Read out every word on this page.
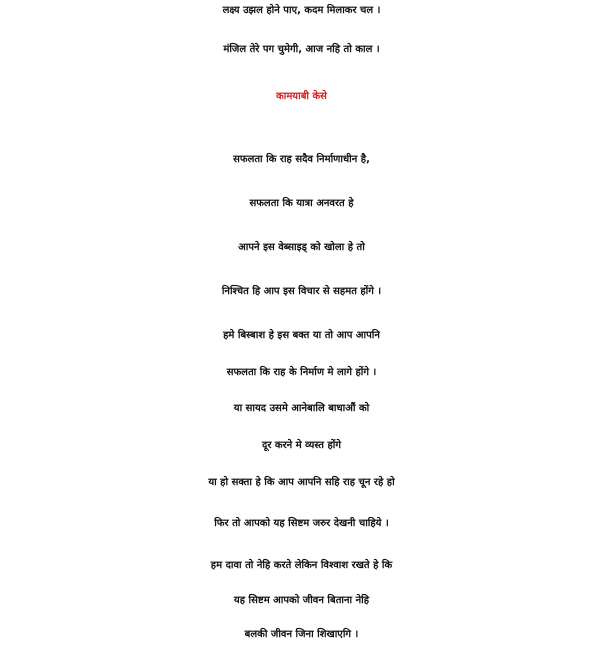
लक्ष्य उझल होने पाए, कदम मिलाकर चल ।
मंजिल तेरे पग चुमेगी, आज नहि तो काल ।
कामयाबी केसे
सफलता कि राह सदैव निर्माणाधीन है,
सफलता कि यात्रा अनवरत हे
आपने इस वेब्साइड् को खोला हे तो
निश्चित हि आप इस विचार से सहमत होंगे ।
हमे बिस्बाश हे इस बक्त या तो आप आपनि
सफलता कि राह के निर्माण मे लागे होंगे ।
या सायद उसमे आनेबालि बाधाऔं को
दूर करने मे व्यस्त होंगे
या हो सक्ता हे कि आप आपनि सहि राह चून रहे हो
फिर तो आपको यह सिष्टम जरुर देखनी चाहिये ।
हम दावा तो नेहि करते लेकिन विश्वाश रखते हे कि
यह सिष्टम आपको जीवन बिताना नेहि
बलकी जीवन जिना शिखाएगि ।
